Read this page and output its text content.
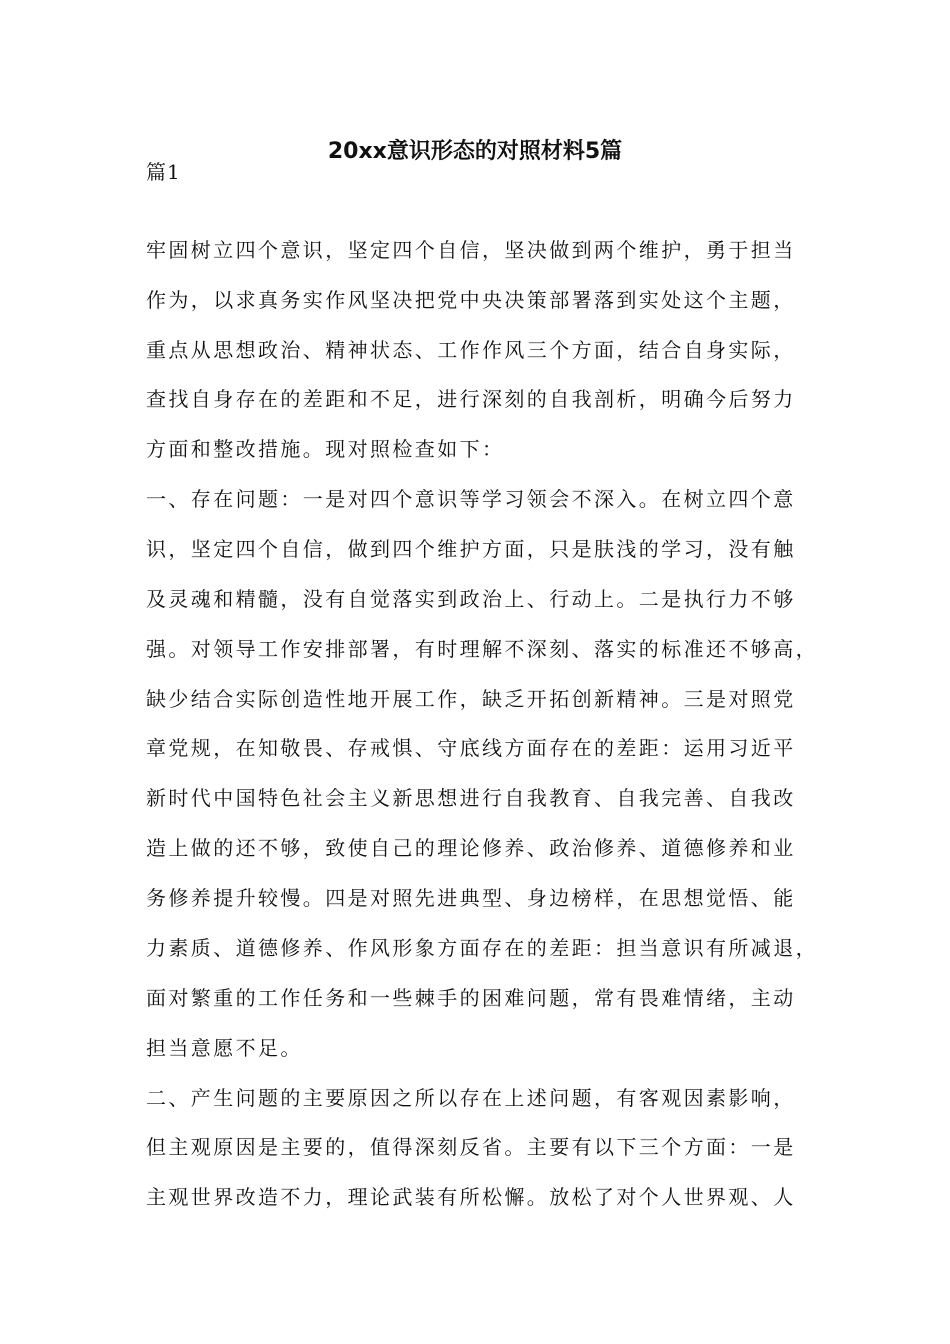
20xx意识形态的对照材料5篇

篇1

牢固树立四个意识，坚定四个自信，坚决做到两个维护，勇于担当

作为，以求真务实作风坚决把党中央决策部署落到实处这个主题，

重点从思想政治、精神状态、工作作风三个方面，结合自身实际，

查找自身存在的差距和不足，进行深刻的自我剖析，明确今后努力

方面和整改措施。现对照检查如下：

一、存在问题：一是对四个意识等学习领会不深入。在树立四个意

识，坚定四个自信，做到四个维护方面，只是肤浅的学习，没有触

及灵魂和精髓，没有自觉落实到政治上、行动上。二是执行力不够

强。对领导工作安排部署，有时理解不深刻、落实的标准还不够高，

缺少结合实际创造性地开展工作，缺乏开拓创新精神。三是对照党

章党规，在知敬畏、存戒惧、守底线方面存在的差距：运用习近平

新时代中国特色社会主义新思想进行自我教育、自我完善、自我改

造上做的还不够，致使自己的理论修养、政治修养、道德修养和业

务修养提升较慢。四是对照先进典型、身边榜样，在思想觉悟、能

力素质、道德修养、作风形象方面存在的差距：担当意识有所减退，

面对繁重的工作任务和一些棘手的困难问题，常有畏难情绪，主动

担当意愿不足。

二、产生问题的主要原因之所以存在上述问题，有客观因素影响，

但主观原因是主要的，值得深刻反省。主要有以下三个方面：一是

主观世界改造不力，理论武装有所松懈。放松了对个人世界观、人
